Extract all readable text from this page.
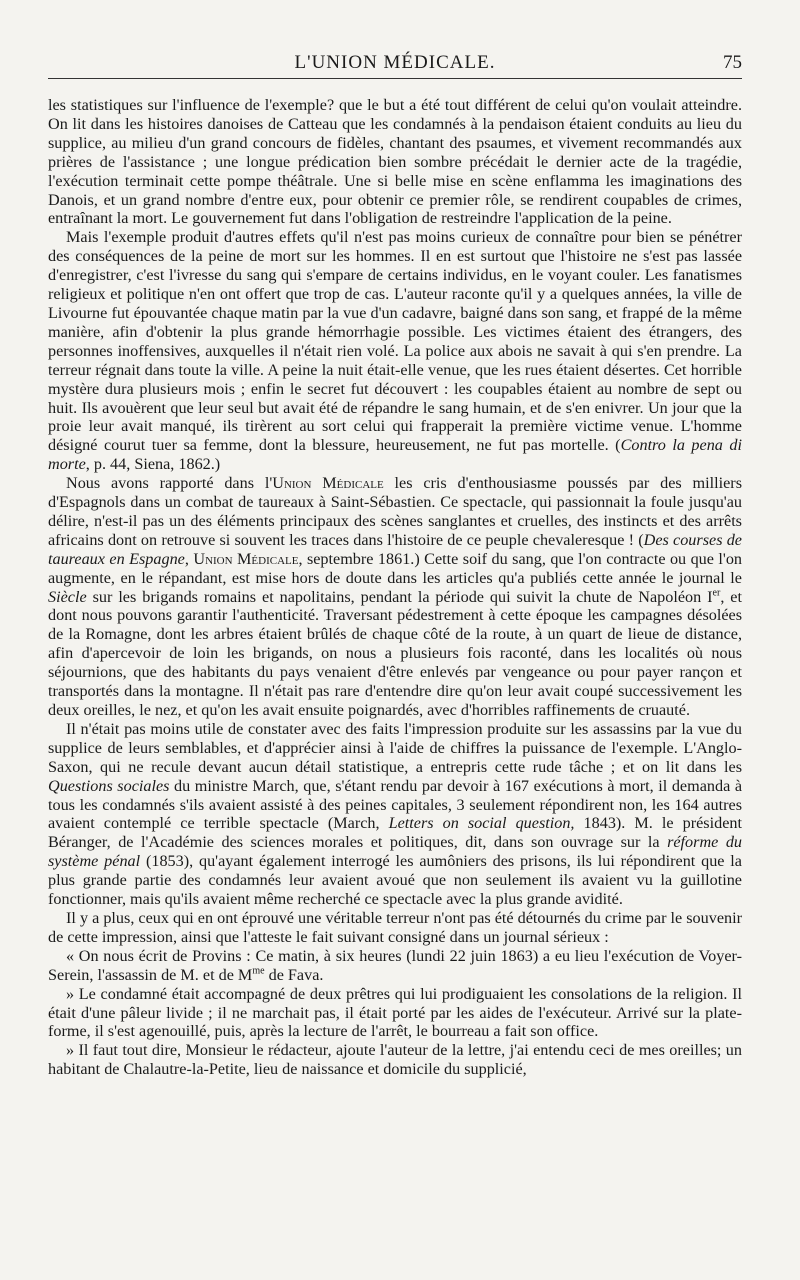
L'UNION MÉDICALE.	75

les statistiques sur l'influence de l'exemple? que le but a été tout différent de celui qu'on voulait atteindre. On lit dans les histoires danoises de Catteau que les condamnés à la pendaison étaient conduits au lieu du supplice, au milieu d'un grand concours de fidèles, chantant des psaumes, et vivement recommandés aux prières de l'assistance ; une longue prédication bien sombre précédait le dernier acte de la tragédie, l'exécution terminait cette pompe théâtrale. Une si belle mise en scène enflamma les imaginations des Danois, et un grand nombre d'entre eux, pour obtenir ce premier rôle, se rendirent coupables de crimes, entraînant la mort. Le gouvernement fut dans l'obligation de restreindre l'application de la peine.

Mais l'exemple produit d'autres effets qu'il n'est pas moins curieux de connaître pour bien se pénétrer des conséquences de la peine de mort sur les hommes. Il en est surtout que l'histoire ne s'est pas lassée d'enregistrer, c'est l'ivresse du sang qui s'empare de certains individus, en le voyant couler. Les fanatismes religieux et politique n'en ont offert que trop de cas. L'auteur raconte qu'il y a quelques années, la ville de Livourne fut épouvantée chaque matin par la vue d'un cadavre, baigné dans son sang, et frappé de la même manière, afin d'obtenir la plus grande hémorrhagie possible. Les victimes étaient des étrangers, des personnes inoffensives, auxquelles il n'était rien volé. La police aux abois ne savait à qui s'en prendre. La terreur régnait dans toute la ville. A peine la nuit était-elle venue, que les rues étaient désertes. Cet horrible mystère dura plusieurs mois ; enfin le secret fut découvert : les coupables étaient au nombre de sept ou huit. Ils avouèrent que leur seul but avait été de répandre le sang humain, et de s'en enivrer. Un jour que la proie leur avait manqué, ils tirèrent au sort celui qui frapperait la première victime venue. L'homme désigné courut tuer sa femme, dont la blessure, heureusement, ne fut pas mortelle. (Contro la pena di morte, p. 44, Siena, 1862.)

Nous avons rapporté dans l'Union Médicale les cris d'enthousiasme poussés par des milliers d'Espagnols dans un combat de taureaux à Saint-Sébastien. Ce spectacle, qui passionnait la foule jusqu'au délire, n'est-il pas un des éléments principaux des scènes sanglantes et cruelles, des instincts et des arrêts africains dont on retrouve si souvent les traces dans l'histoire de ce peuple chevaleresque ! (Des courses de taureaux en Espagne, Union Médicale, septembre 1861.) Cette soif du sang, que l'on contracte ou que l'on augmente, en le répandant, est mise hors de doute dans les articles qu'a publiés cette année le journal le Siècle sur les brigands romains et napolitains, pendant la période qui suivit la chute de Napoléon Ier, et dont nous pouvons garantir l'authenticité. Traversant pédestrement à cette époque les campagnes désolées de la Romagne, dont les arbres étaient brûlés de chaque côté de la route, à un quart de lieue de distance, afin d'apercevoir de loin les brigands, on nous a plusieurs fois raconté, dans les localités où nous séjournions, que des habitants du pays venaient d'être enlevés par vengeance ou pour payer rançon et transportés dans la montagne. Il n'était pas rare d'entendre dire qu'on leur avait coupé successivement les deux oreilles, le nez, et qu'on les avait ensuite poignardés, avec d'horribles raffinements de cruauté.

Il n'était pas moins utile de constater avec des faits l'impression produite sur les assassins par la vue du supplice de leurs semblables, et d'apprécier ainsi à l'aide de chiffres la puissance de l'exemple. L'Anglo-Saxon, qui ne recule devant aucun détail statistique, a entrepris cette rude tâche ; et on lit dans les Questions sociales du ministre March, que, s'étant rendu par devoir à 167 exécutions à mort, il demanda à tous les condamnés s'ils avaient assisté à des peines capitales, 3 seulement répondirent non, les 164 autres avaient contemplé ce terrible spectacle (March, Letters on social question, 1843). M. le président Béranger, de l'Académie des sciences morales et politiques, dit, dans son ouvrage sur la réforme du système pénal (1853), qu'ayant également interrogé les aumôniers des prisons, ils lui répondirent que la plus grande partie des condamnés leur avaient avoué que non seulement ils avaient vu la guillotine fonctionner, mais qu'ils avaient même recherché ce spectacle avec la plus grande avidité.

Il y a plus, ceux qui en ont éprouvé une véritable terreur n'ont pas été détournés du crime par le souvenir de cette impression, ainsi que l'atteste le fait suivant consigné dans un journal sérieux :

« On nous écrit de Provins : Ce matin, à six heures (lundi 22 juin 1863) a eu lieu l'exécution de Voyer-Serein, l'assassin de M. et de $M^{me}$ de Fava.

» Le condamné était accompagné de deux prêtres qui lui prodiguaient les consolations de la religion. Il était d'une pâleur livide ; il ne marchait pas, il était porté par les aides de l'exécuteur. Arrivé sur la plate-forme, il s'est agenouillé, puis, après la lecture de l'arrêt, le bourreau a fait son office.

» Il faut tout dire, Monsieur le rédacteur, ajoute l'auteur de la lettre, j'ai entendu ceci de mes oreilles; un habitant de Chalautre-la-Petite, lieu de naissance et domicile du supplicié,
